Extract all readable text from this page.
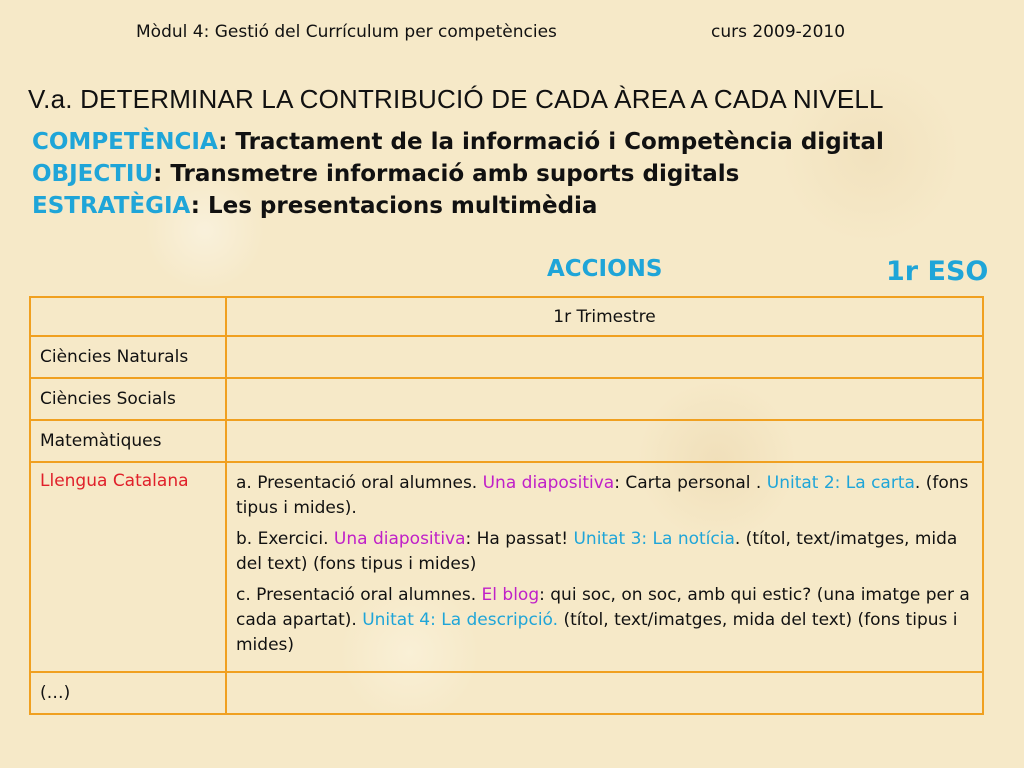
Mòdul 4: Gestió del Currículum per competències	curs 2009-2010
V.a. DETERMINAR LA CONTRIBUCIÓ DE CADA ÀREA A CADA NIVELL
COMPETÈNCIA: Tractament de la informació i Competència digital
OBJECTIU: Transmetre informació amb suports digitals
ESTRATÈGIA: Les presentacions multimèdia
ACCIONS	1r ESO
	1r Trimestre
Ciències Naturals	
Ciències Socials	
Matemàtiques	
Llengua Catalana	a. Presentació oral alumnes. Una diapositiva: Carta personal . Unitat 2: La carta. (fons tipus i mides).
b. Exercici. Una diapositiva: Ha passat! Unitat 3: La notícia. (títol, text/imatges, mida del text) (fons tipus i mides)
c. Presentació oral alumnes. El blog: qui soc, on soc, amb qui estic? (una imatge per a cada apartat). Unitat 4: La descripció. (títol, text/imatges, mida del text) (fons tipus i mides)

(…)	
